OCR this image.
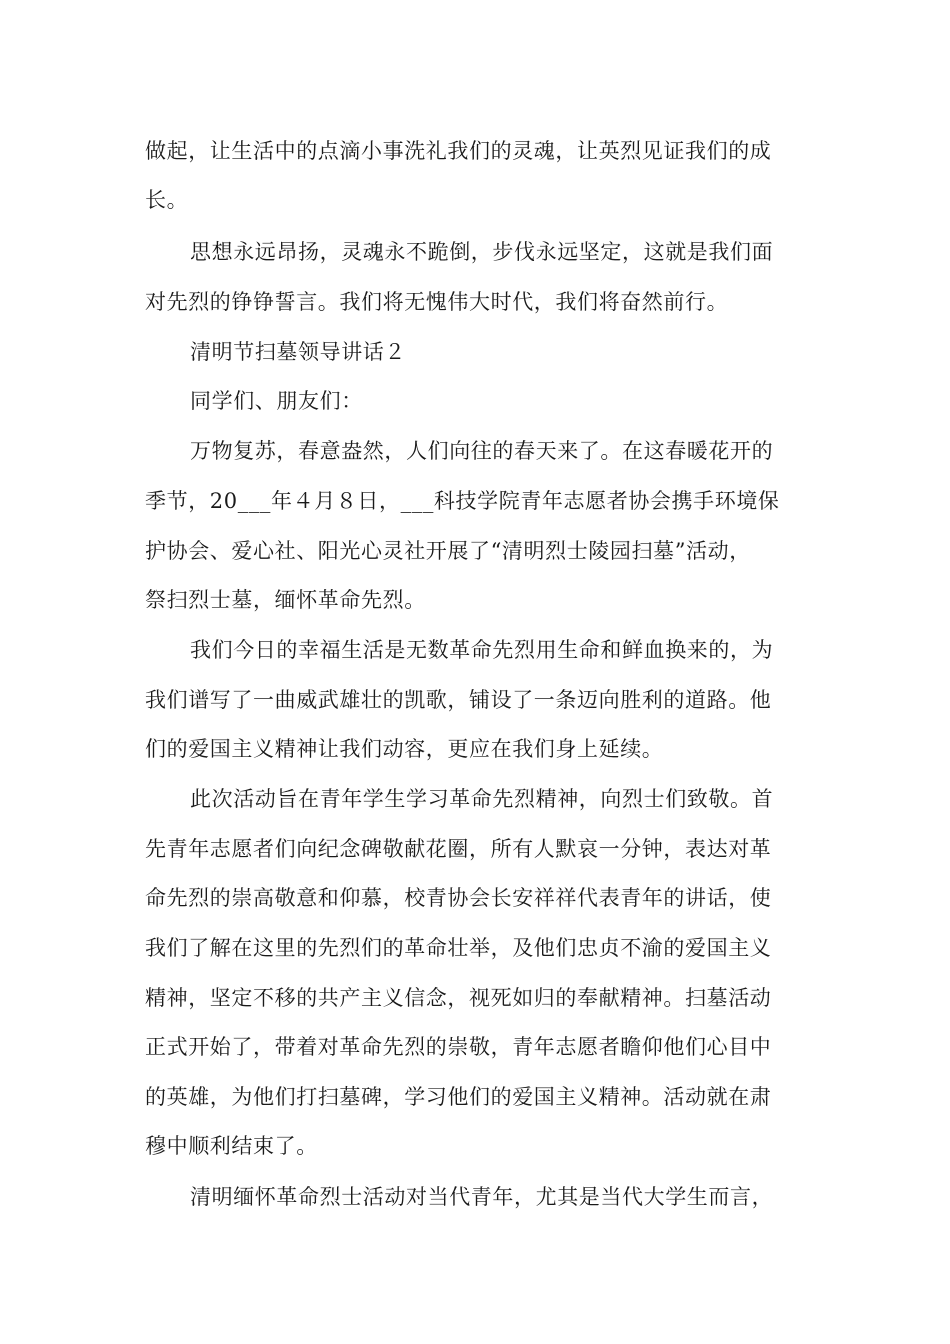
做起，让生活中的点滴小事洗礼我们的灵魂，让英烈见证我们的成
长。
思想永远昂扬，灵魂永不跪倒，步伐永远坚定，这就是我们面
对先烈的铮铮誓言。我们将无愧伟大时代，我们将奋然前行。
清明节扫墓领导讲话２
同学们、朋友们：
万物复苏，春意盎然，人们向往的春天来了。在这春暖花开的
季节，20___年４月８日，___科技学院青年志愿者协会携手环境保
护协会、爱心社、阳光心灵社开展了“清明烈士陵园扫墓”活动，
祭扫烈士墓，缅怀革命先烈。
我们今日的幸福生活是无数革命先烈用生命和鲜血换来的，为
我们谱写了一曲威武雄壮的凯歌，铺设了一条迈向胜利的道路。他
们的爱国主义精神让我们动容，更应在我们身上延续。
此次活动旨在青年学生学习革命先烈精神，向烈士们致敬。首
先青年志愿者们向纪念碑敬献花圈，所有人默哀一分钟，表达对革
命先烈的崇高敬意和仰慕，校青协会长安祥祥代表青年的讲话，使
我们了解在这里的先烈们的革命壮举，及他们忠贞不渝的爱国主义
精神，坚定不移的共产主义信念，视死如归的奉献精神。扫墓活动
正式开始了，带着对革命先烈的崇敬，青年志愿者瞻仰他们心目中
的英雄，为他们打扫墓碑，学习他们的爱国主义精神。活动就在肃
穆中顺利结束了。
清明缅怀革命烈士活动对当代青年，尤其是当代大学生而言，
